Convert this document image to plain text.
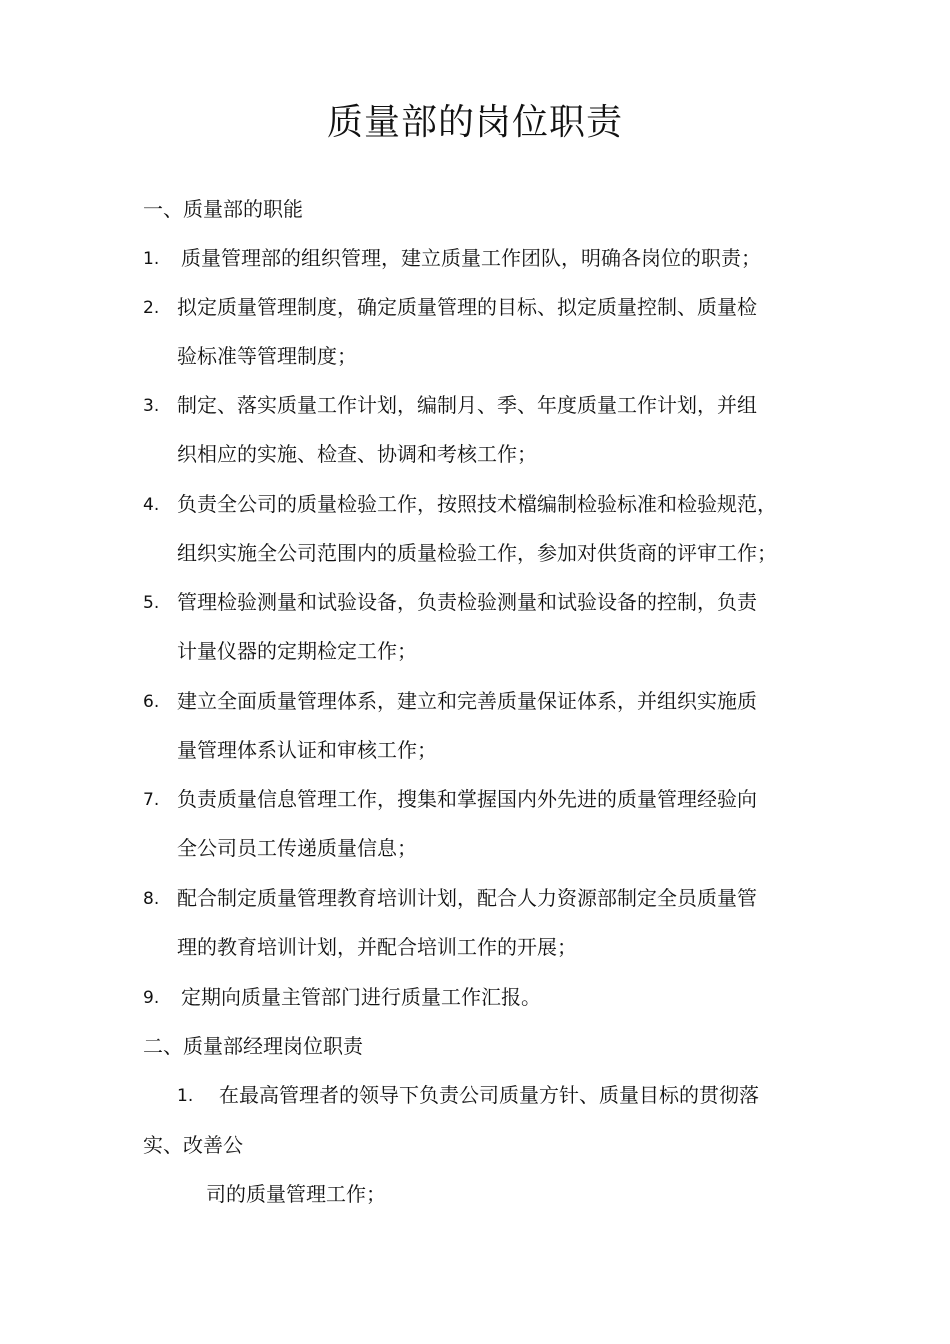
质量部的岗位职责
一、质量部的职能
1. 质量管理部的组织管理，建立质量工作团队，明确各岗位的职责；
2. 拟定质量管理制度，确定质量管理的目标、拟定质量控制、质量检
验标准等管理制度；
3. 制定、落实质量工作计划，编制月、季、年度质量工作计划，并组
织相应的实施、检查、协调和考核工作；
4. 负责全公司的质量检验工作，按照技术檔编制检验标准和检验规范，
组织实施全公司范围内的质量检验工作，参加对供货商的评审工作；
5. 管理检验测量和试验设备，负责检验测量和试验设备的控制，负责
计量仪器的定期检定工作；
6. 建立全面质量管理体系，建立和完善质量保证体系，并组织实施质
量管理体系认证和审核工作；
7. 负责质量信息管理工作，搜集和掌握国内外先进的质量管理经验向
全公司员工传递质量信息；
8. 配合制定质量管理教育培训计划，配合人力资源部制定全员质量管
理的教育培训计划，并配合培训工作的开展；
9. 定期向质量主管部门进行质量工作汇报。
二、质量部经理岗位职责
1. 在最高管理者的领导下负责公司质量方针、质量目标的贯彻落
实、改善公
司的质量管理工作；
